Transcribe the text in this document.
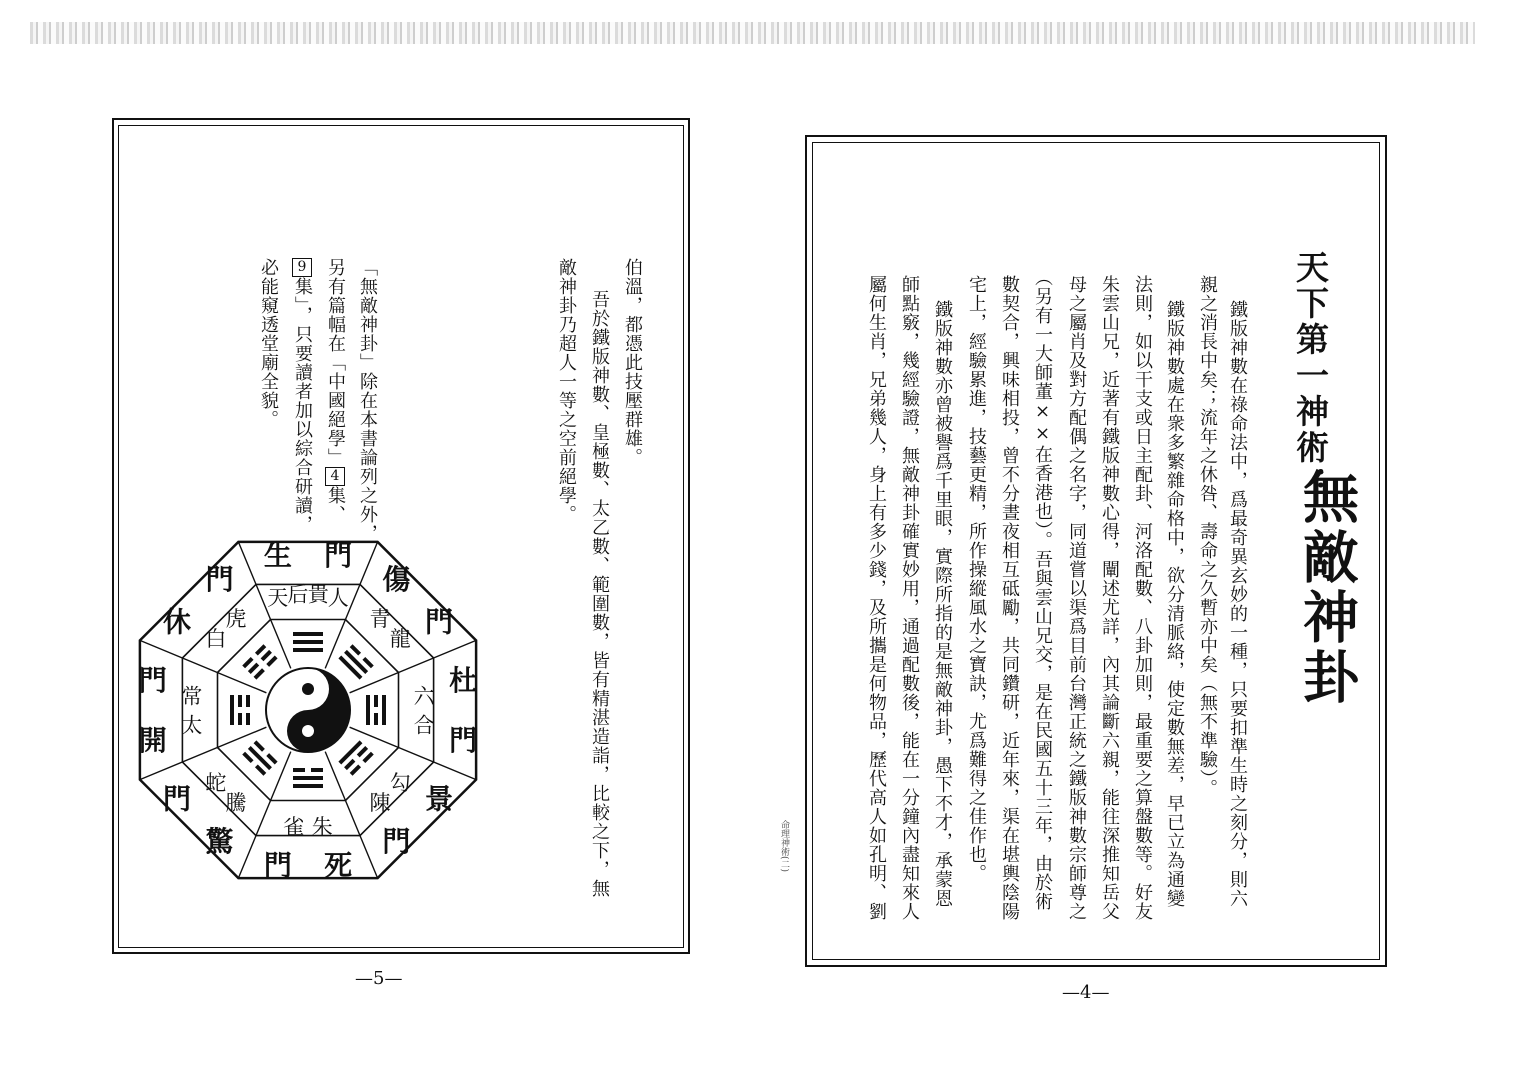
天下第一神術：
無敵神卦
鐵版神數在祿命法中，爲最奇異玄妙的一種，只要扣準生時之刻分，則六
親之消長中矣；流年之休咎、壽命之久暫亦中矣（無不準驗）。
鐵版神數處在衆多繁雜命格中，欲分清脈絡，使定數無差，早已立為通變
法則，如以干支或日主配卦、河洛配數、八卦加則，最重要之算盤數等。好友
朱雲山兄，近著有鐵版神數心得，闡述尤詳，內其論斷六親，能往深推知岳父
母之屬肖及對方配偶之名字，同道嘗以渠爲目前台灣正統之鐵版神數宗師尊之
（另有一大師董××在香港也）。吾與雲山兄交，是在民國五十三年，由於術
數契合，興味相投，曾不分晝夜相互砥勵，共同鑽研，近年來，渠在堪輿陰陽
宅上，經驗累進，技藝更精，所作操縱風水之寶訣，尤爲難得之佳作也。
鐵版神數亦曾被譽爲千里眼，實際所指的是無敵神卦，愚下不才，承蒙恩
師點竅，幾經驗證，無敵神卦確實妙用，通過配數後，能在一分鐘內盡知來人
屬何生肖，兄弟幾人，身上有多少錢，及所攜是何物品，歷代高人如孔明、劉
命理神術(二)
—4—
伯溫，都憑此技壓群雄。
吾於鐵版神數、皇極數、太乙數、範圍數，皆有精湛造詣，比較之下，無
敵神卦乃超人一等之空前絕學。
「無敵神卦」除在本書論列之外，
另有篇幅在「中國絕學」4集、
9集」，只要讀者加以綜合研讀，
必能窺透堂廟全貌。
—5—
生 門
傷
門
杜
門
景
門
死
門
驚
門
開
門
休
門
天 后 貴 人
青
龍
六
合
勾
陳
朱
雀
騰
蛇
太
常
白
虎
